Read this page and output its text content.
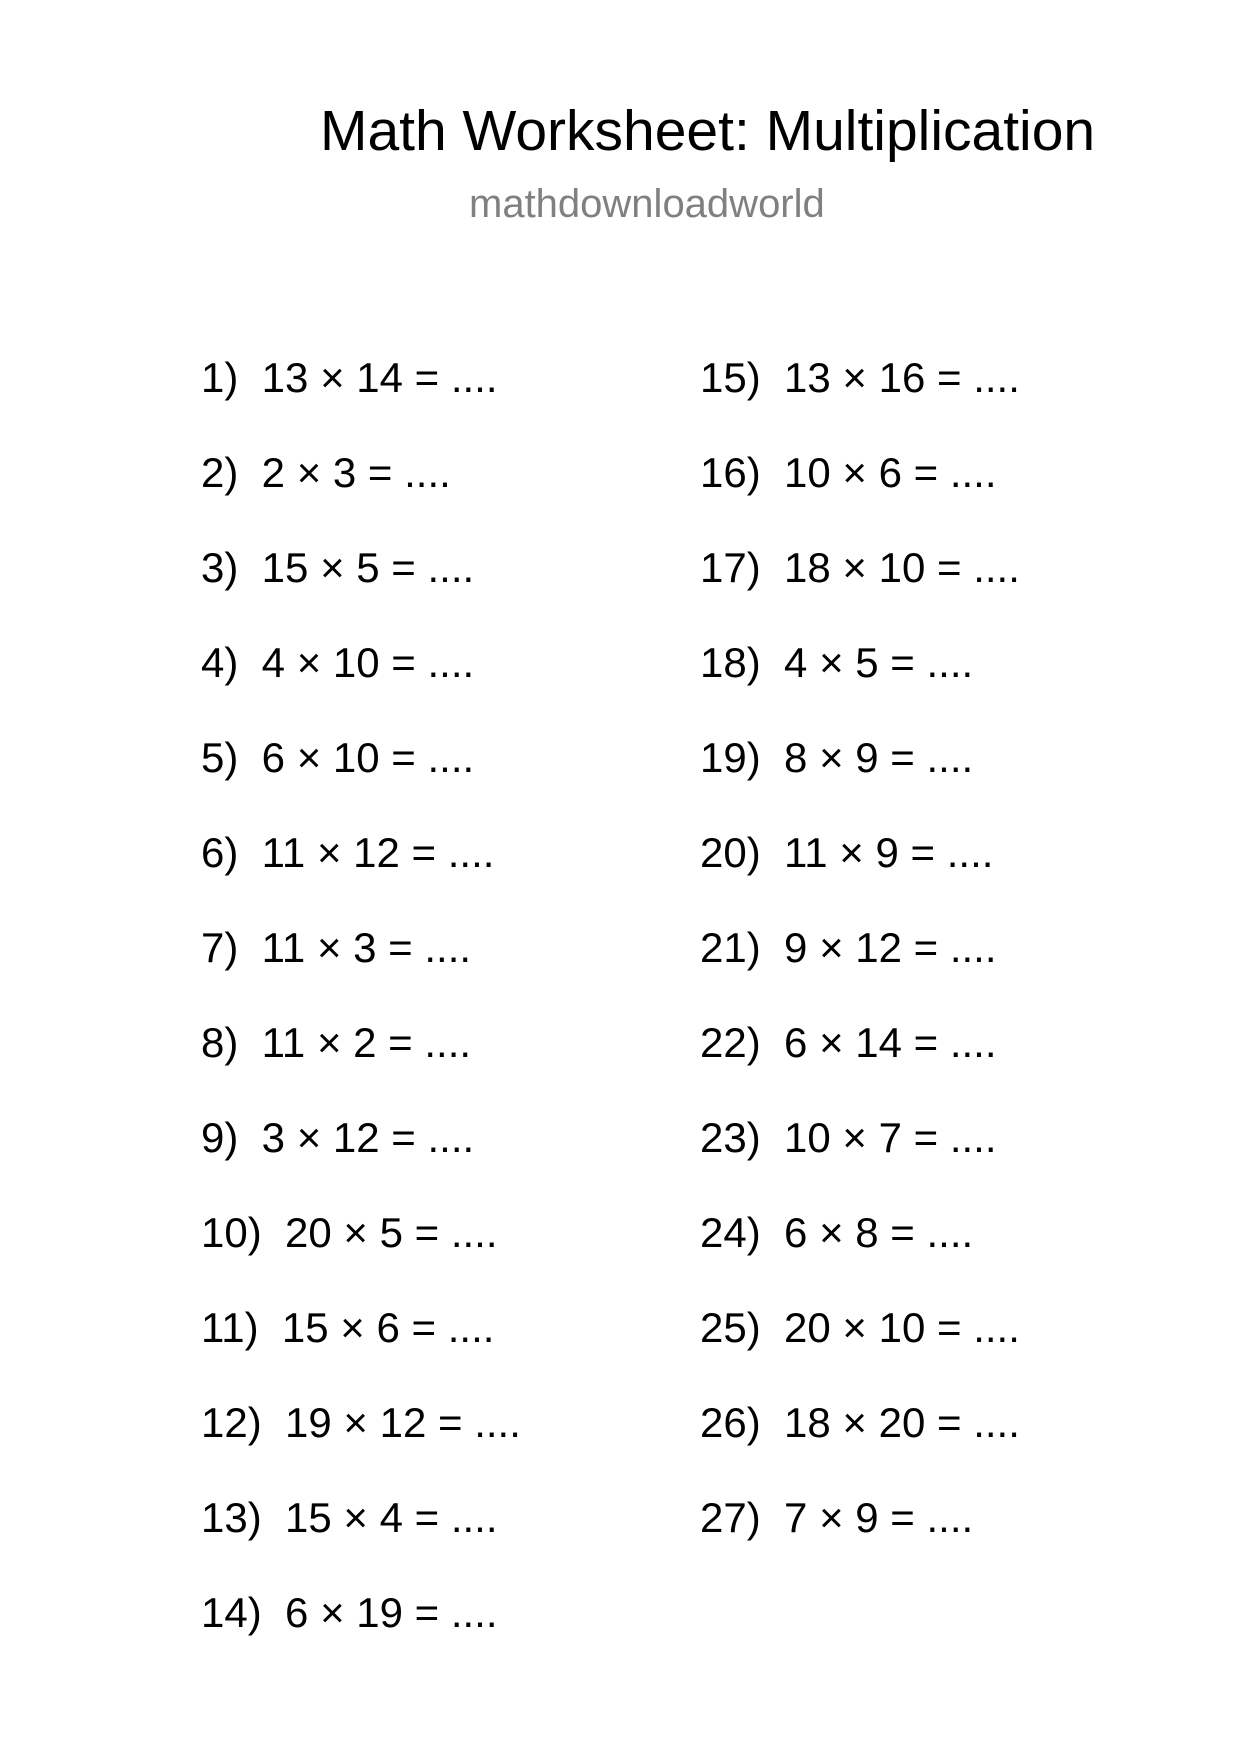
Math Worksheet: Multiplication
mathdownloadworld
1)  13 × 14 = ....
2)  2 × 3 = ....
3)  15 × 5 = ....
4)  4 × 10 = ....
5)  6 × 10 = ....
6)  11 × 12 = ....
7)  11 × 3 = ....
8)  11 × 2 = ....
9)  3 × 12 = ....
10)  20 × 5 = ....
11)  15 × 6 = ....
12)  19 × 12 = ....
13)  15 × 4 = ....
14)  6 × 19 = ....
15)  13 × 16 = ....
16)  10 × 6 = ....
17)  18 × 10 = ....
18)  4 × 5 = ....
19)  8 × 9 = ....
20)  11 × 9 = ....
21)  9 × 12 = ....
22)  6 × 14 = ....
23)  10 × 7 = ....
24)  6 × 8 = ....
25)  20 × 10 = ....
26)  18 × 20 = ....
27)  7 × 9 = ....
